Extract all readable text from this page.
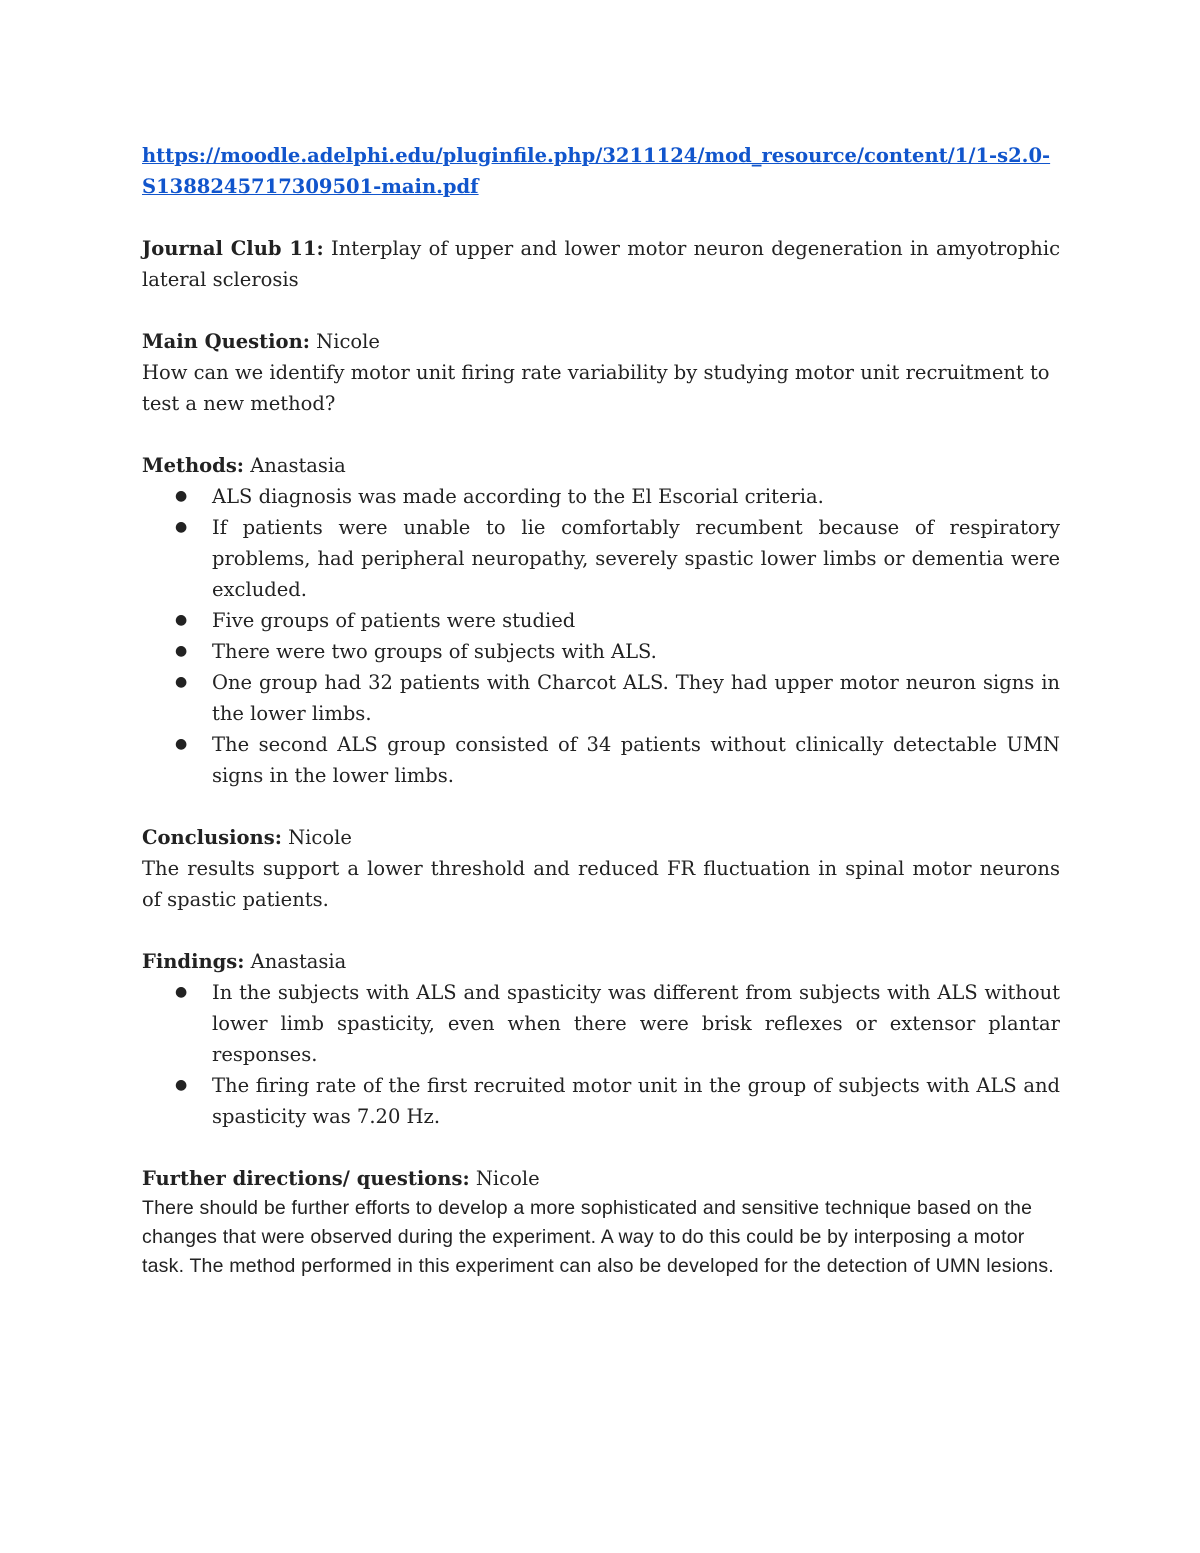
https://moodle.adelphi.edu/pluginfile.php/3211124/mod_resource/content/1/1-s2.0-S1388245717309501-main.pdf

Journal Club 11: Interplay of upper and lower motor neuron degeneration in amyotrophic lateral sclerosis

Main Question: Nicole
How can we identify motor unit firing rate variability by studying motor unit recruitment to test a new method?
Methods: Anastasia
● ALS diagnosis was made according to the El Escorial criteria.
● If patients were unable to lie comfortably recumbent because of respiratory problems, had peripheral neuropathy, severely spastic lower limbs or dementia were excluded.
● Five groups of patients were studied
● There were two groups of subjects with ALS.
● One group had 32 patients with Charcot ALS. They had upper motor neuron signs in the lower limbs.
● The second ALS group consisted of 34 patients without clinically detectable UMN signs in the lower limbs.
Conclusions: Nicole
The results support a lower threshold and reduced FR fluctuation in spinal motor neurons of spastic patients.
Findings: Anastasia
● In the subjects with ALS and spasticity was different from subjects with ALS without lower limb spasticity, even when there were brisk reflexes or extensor plantar responses.
● The firing rate of the first recruited motor unit in the group of subjects with ALS and spasticity was 7.20 Hz.
Further directions/ questions: Nicole
There should be further efforts to develop a more sophisticated and sensitive technique based on the changes that were observed during the experiment. A way to do this could be by interposing a motor task. The method performed in this experiment can also be developed for the detection of UMN lesions.
